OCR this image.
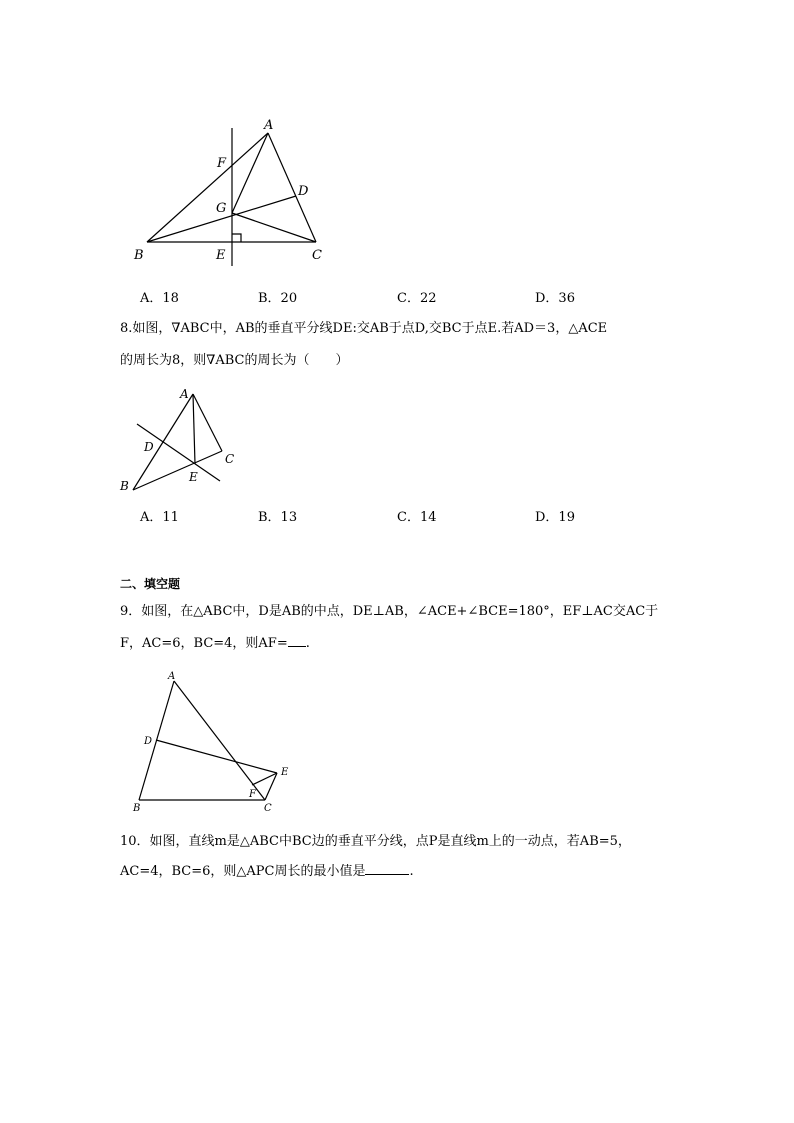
A
F
D
G
B	E	C
A．18	B．20	C．22	D．36
8.如图，∇ABC中，AB的垂直平分线DE:交AB于点D,交BC于点E.若AD＝3，△ACE
的周长为8，则∇ABC的周长为（　　）
A
D
C
E
B
A．11	B．13	C．14	D．19
二、填空题
9．如图，在△ABC中，D是AB的中点，DE⊥AB，∠ACE+∠BCE=180°，EF⊥AC交AC于
F，AC=6，BC=4，则AF= .
A
D
E
F
B	C
10．如图，直线m是△ABC中BC边的垂直平分线，点P是直线m上的一动点，若AB=5，
AC=4，BC=6，则△APC周长的最小值是	.
